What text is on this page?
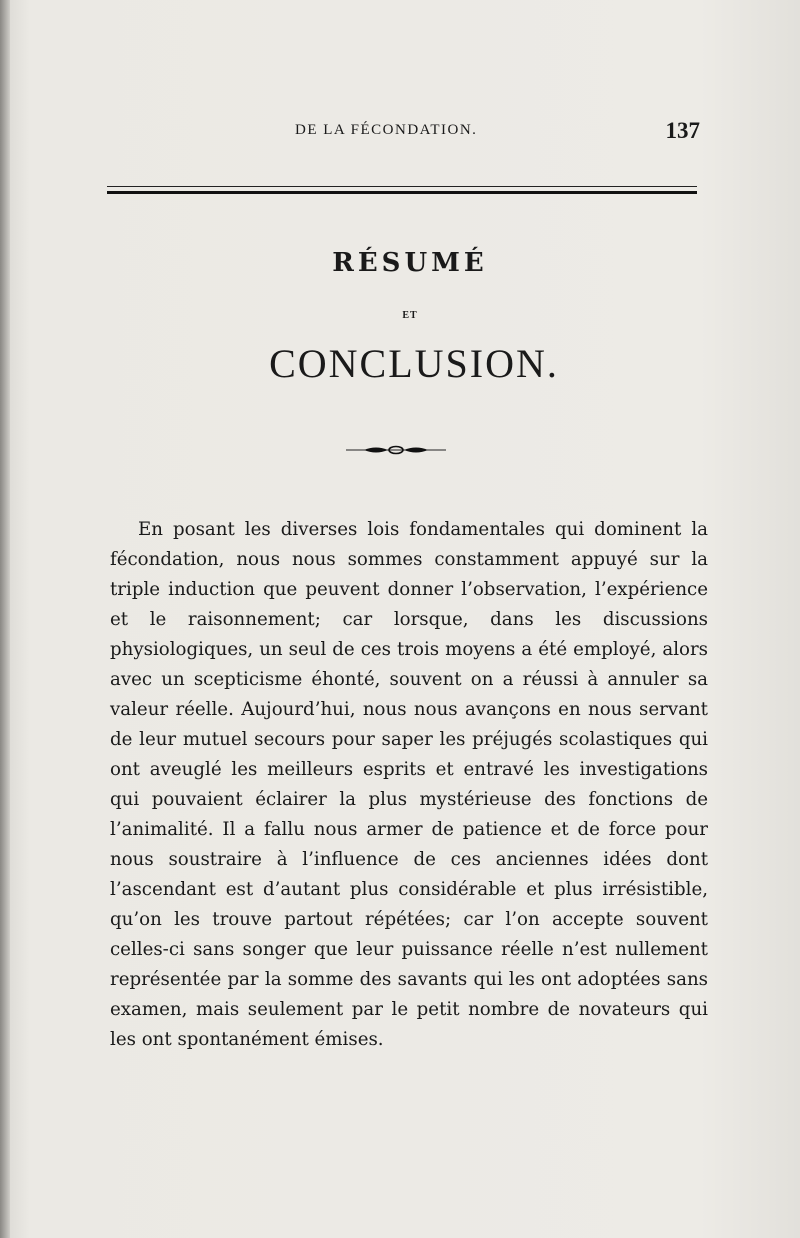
DE LA FÉCONDATION.	137
RÉSUMÉ
ET
CONCLUSION.

En posant les diverses lois fondamentales qui dominent la fécondation, nous nous sommes constamment appuyé sur la triple induction que peuvent donner l’observation, l’expérience et le raisonnement; car lorsque, dans les discussions physiologiques, un seul de ces trois moyens a été employé, alors avec un scepticisme éhonté, souvent on a réussi à annuler sa valeur réelle. Aujourd’hui, nous nous avançons en nous servant de leur mutuel secours pour saper les préjugés scolastiques qui ont aveuglé les meilleurs esprits et entravé les investigations qui pouvaient éclairer la plus mystérieuse des fonctions de l’animalité. Il a fallu nous armer de patience et de force pour nous soustraire à l’influence de ces anciennes idées dont l’ascendant est d’autant plus considérable et plus irrésistible, qu’on les trouve partout répétées; car l’on accepte souvent celles-ci sans songer que leur puissance réelle n’est nullement représentée par la somme des savants qui les ont adoptées sans examen, mais seulement par le petit nombre de novateurs qui les ont spontanément émises.
